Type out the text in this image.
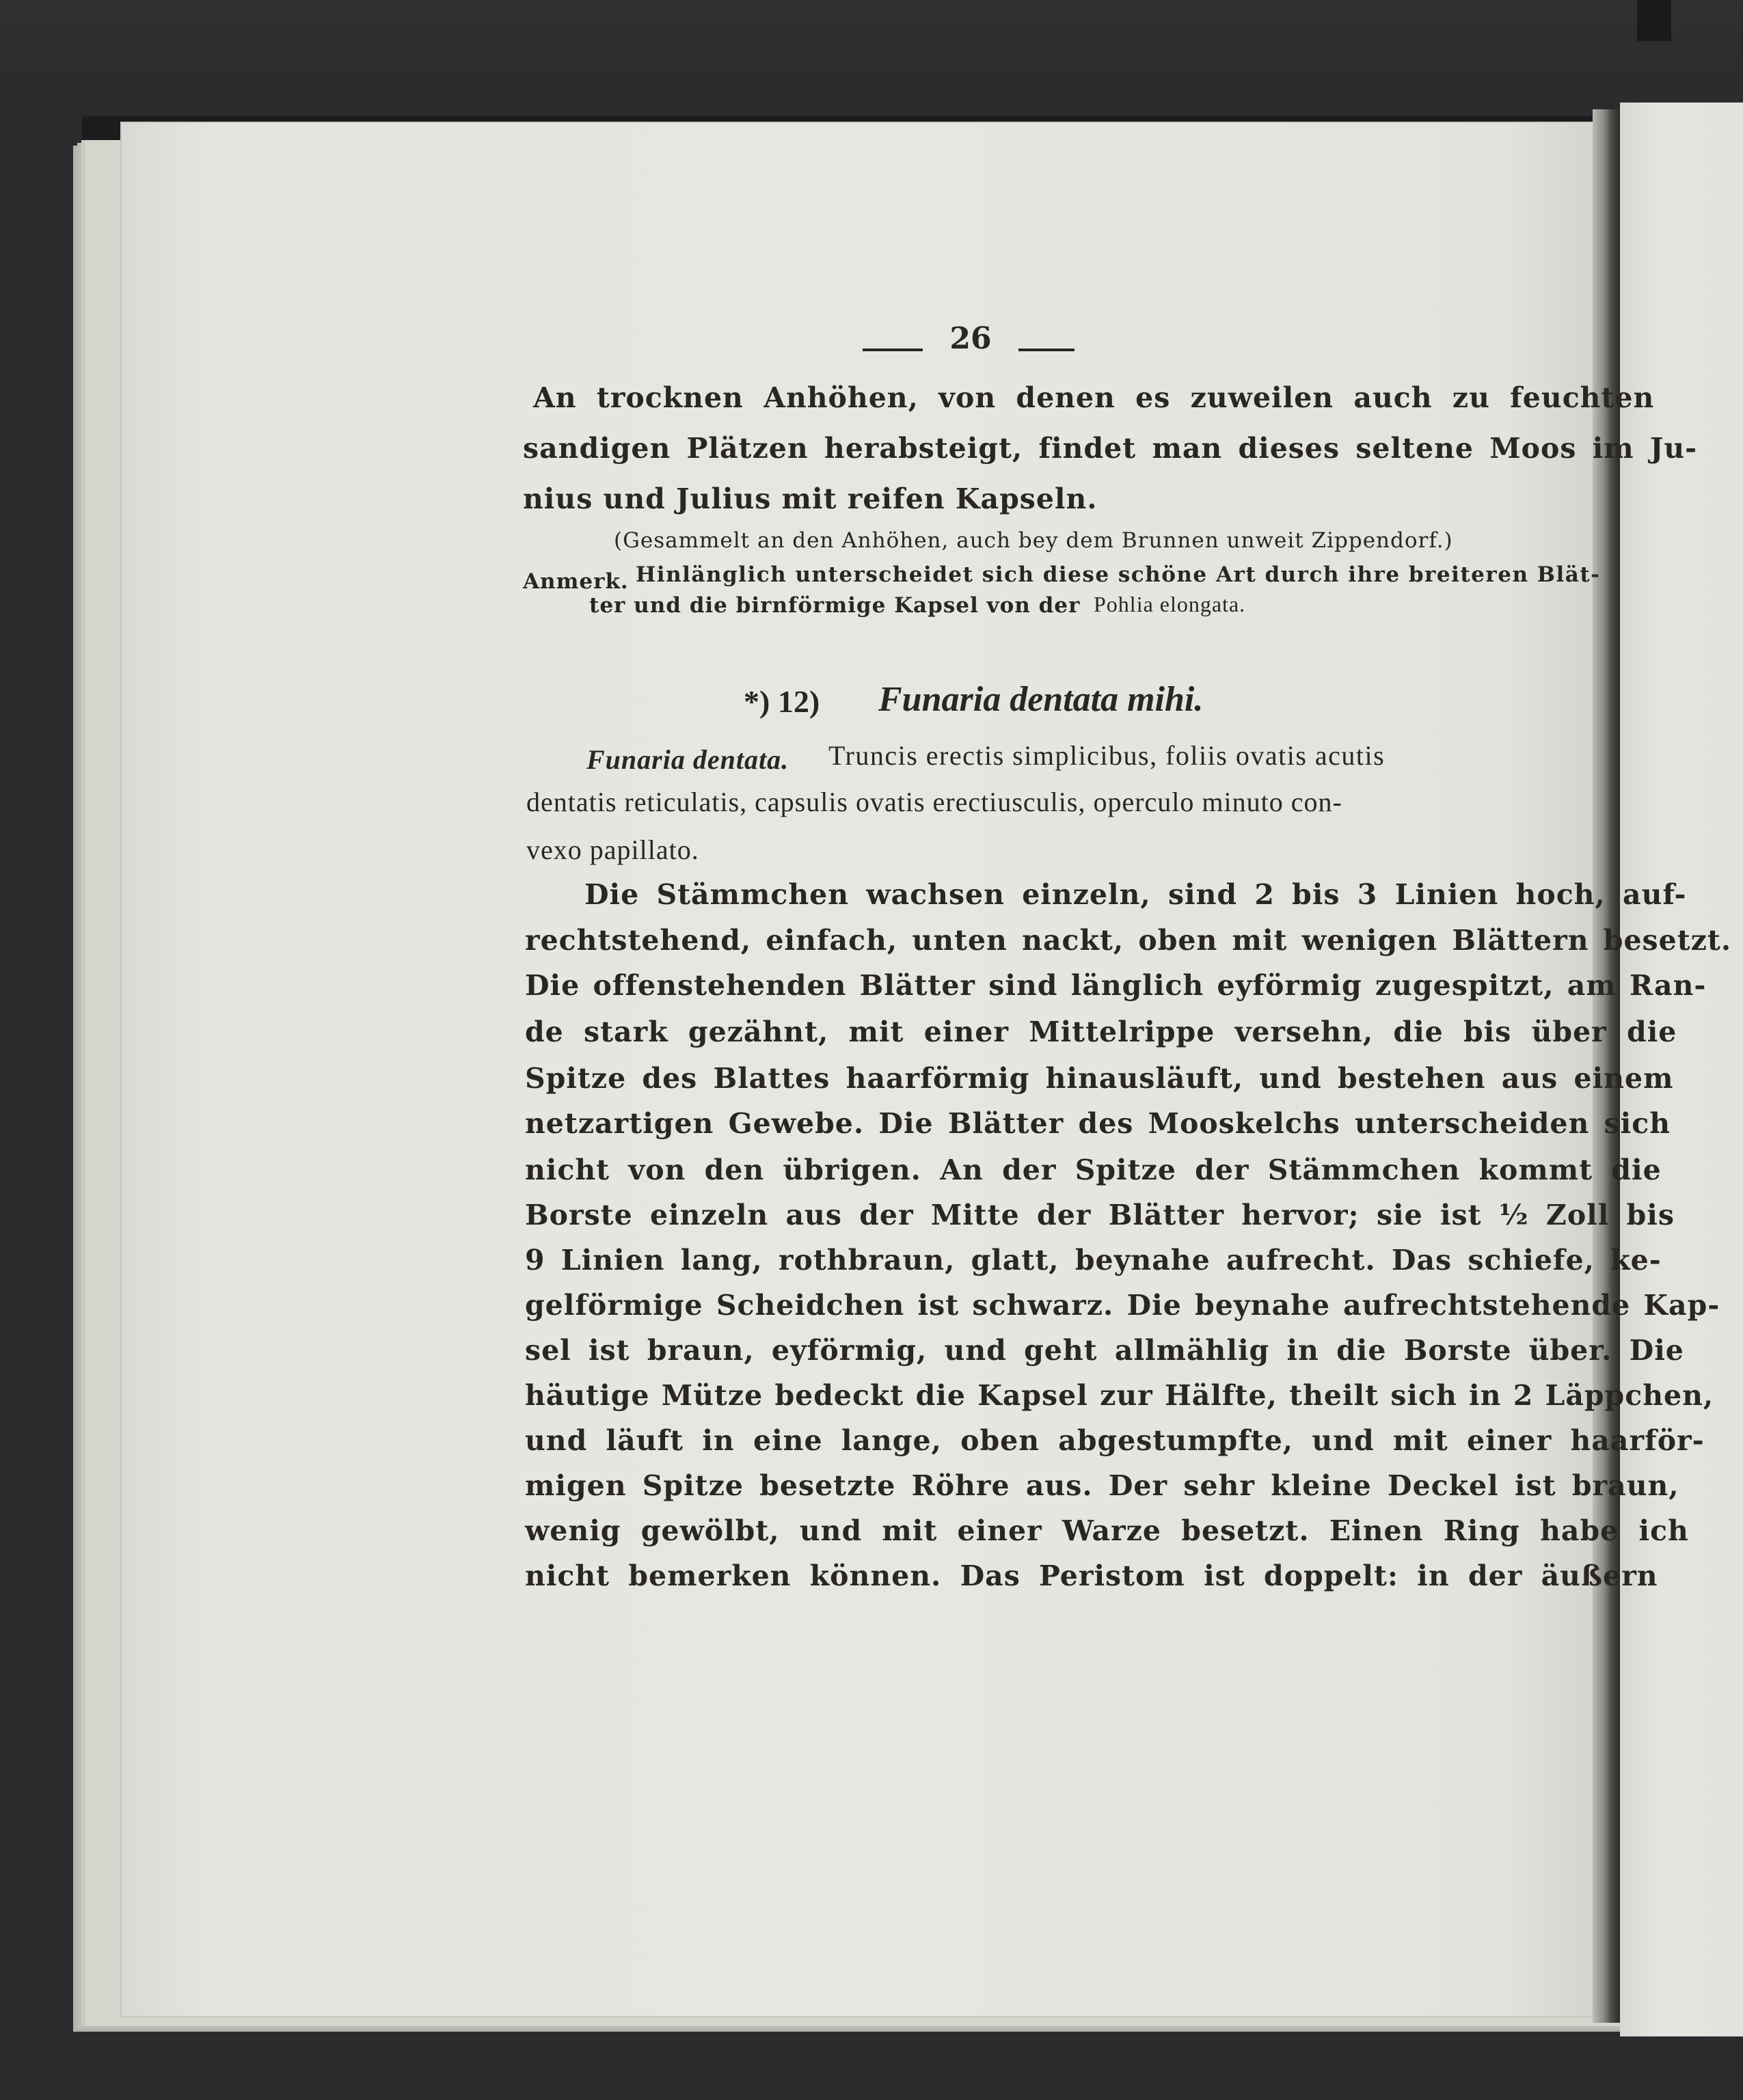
26
An trocknen Anhöhen, von denen es zuweilen auch zu feuchten
sandigen Plätzen herabsteigt, findet man dieses seltene Moos im Ju-
nius und Julius mit reifen Kapseln.
(Gesammelt an den Anhöhen, auch bey dem Brunnen unweit Zippendorf.)
Anmerk. Hinlänglich unterscheidet sich diese schöne Art durch ihre breiteren Blät-
ter und die birnförmige Kapsel von der Pohlia elongata.
*) 12) Funaria dentata mihi.
Funaria dentata. Truncis erectis simplicibus, foliis ovatis acutis
dentatis reticulatis, capsulis ovatis erectiusculis, operculo minuto con-
vexo papillato.
Die Stämmchen wachsen einzeln, sind 2 bis 3 Linien hoch, auf-
rechtstehend, einfach, unten nackt, oben mit wenigen Blättern besetzt.
Die offenstehenden Blätter sind länglich eyförmig zugespitzt, am Ran-
de stark gezähnt, mit einer Mittelrippe versehn, die bis über die
Spitze des Blattes haarförmig hinausläuft, und bestehen aus einem
netzartigen Gewebe. Die Blätter des Mooskelchs unterscheiden sich
nicht von den übrigen. An der Spitze der Stämmchen kommt die
Borste einzeln aus der Mitte der Blätter hervor; sie ist ½ Zoll bis
9 Linien lang, rothbraun, glatt, beynahe aufrecht. Das schiefe, ke-
gelförmige Scheidchen ist schwarz. Die beynahe aufrechtstehende Kap-
sel ist braun, eyförmig, und geht allmählig in die Borste über. Die
häutige Mütze bedeckt die Kapsel zur Hälfte, theilt sich in 2 Läppchen,
und läuft in eine lange, oben abgestumpfte, und mit einer haarför-
migen Spitze besetzte Röhre aus. Der sehr kleine Deckel ist braun,
wenig gewölbt, und mit einer Warze besetzt. Einen Ring habe ich
nicht bemerken können. Das Peristom ist doppelt: in der äußern
